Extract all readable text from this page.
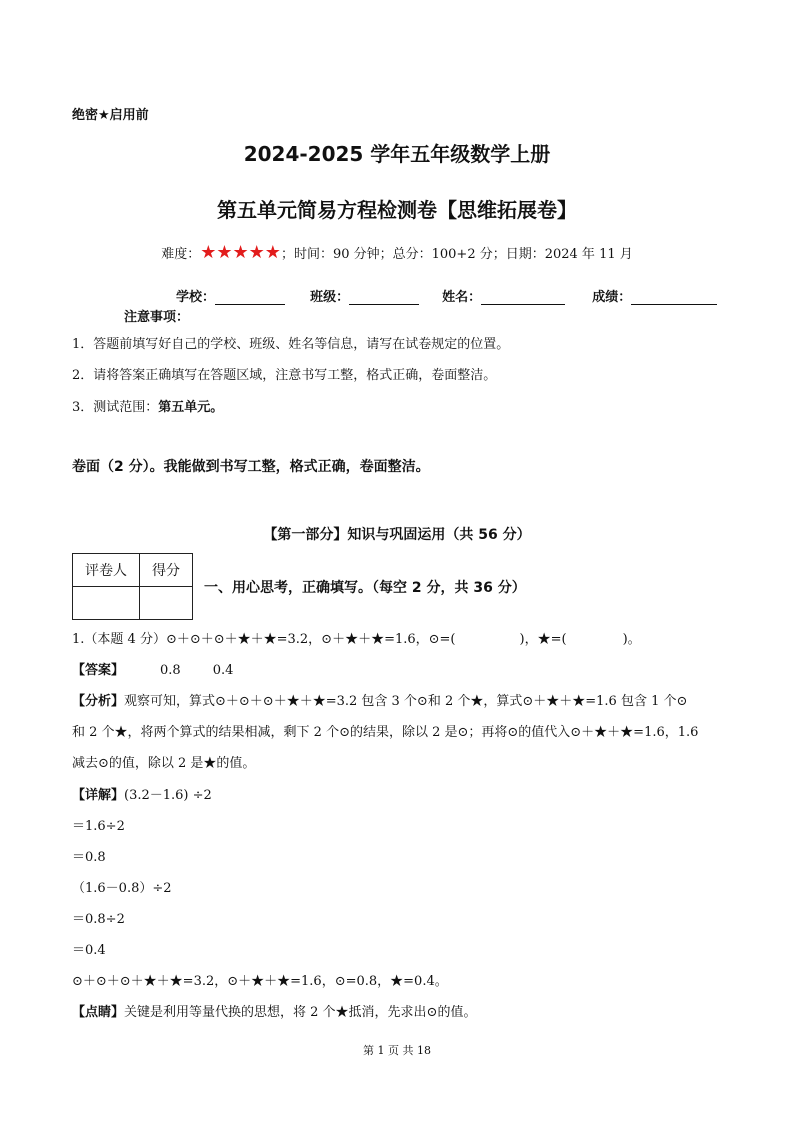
绝密★启用前
2024-2025 学年五年级数学上册
第五单元简易方程检测卷【思维拓展卷】
难度：★★★★★；时间：90 分钟；总分：100+2 分；日期：2024 年 11 月
学校：	班级：	姓名：	成绩：
注意事项：
1．答题前填写好自己的学校、班级、姓名等信息，请写在试卷规定的位置。
2．请将答案正确填写在答题区域，注意书写工整，格式正确，卷面整洁。
3．测试范围：第五单元。
卷面（2 分）。我能做到书写工整，格式正确，卷面整洁。
【第一部分】知识与巩固运用（共 56 分）
评卷人	得分

一、用心思考，正确填写。（每空 2 分，共 36 分）
1.（本题 4 分）⊙＋⊙＋⊙＋★＋★=3.2，⊙＋★＋★=1.6，⊙=(	)，★=(	)。
【答案】	0.8 0.4
【分析】观察可知，算式⊙＋⊙＋⊙＋★＋★=3.2 包含 3 个⊙和 2 个★，算式⊙＋★＋★=1.6 包含 1 个⊙
和 2 个★，将两个算式的结果相减，剩下 2 个⊙的结果，除以 2 是⊙；再将⊙的值代入⊙＋★＋★=1.6，1.6
减去⊙的值，除以 2 是★的值。
【详解】(3.2－1.6) ÷2
＝1.6÷2
＝0.8
（1.6－0.8）÷2
＝0.8÷2
＝0.4
⊙＋⊙＋⊙＋★＋★=3.2，⊙＋★＋★=1.6，⊙=0.8，★=0.4。
【点睛】关键是利用等量代换的思想，将 2 个★抵消，先求出⊙的值。
第 1 页 共 18
